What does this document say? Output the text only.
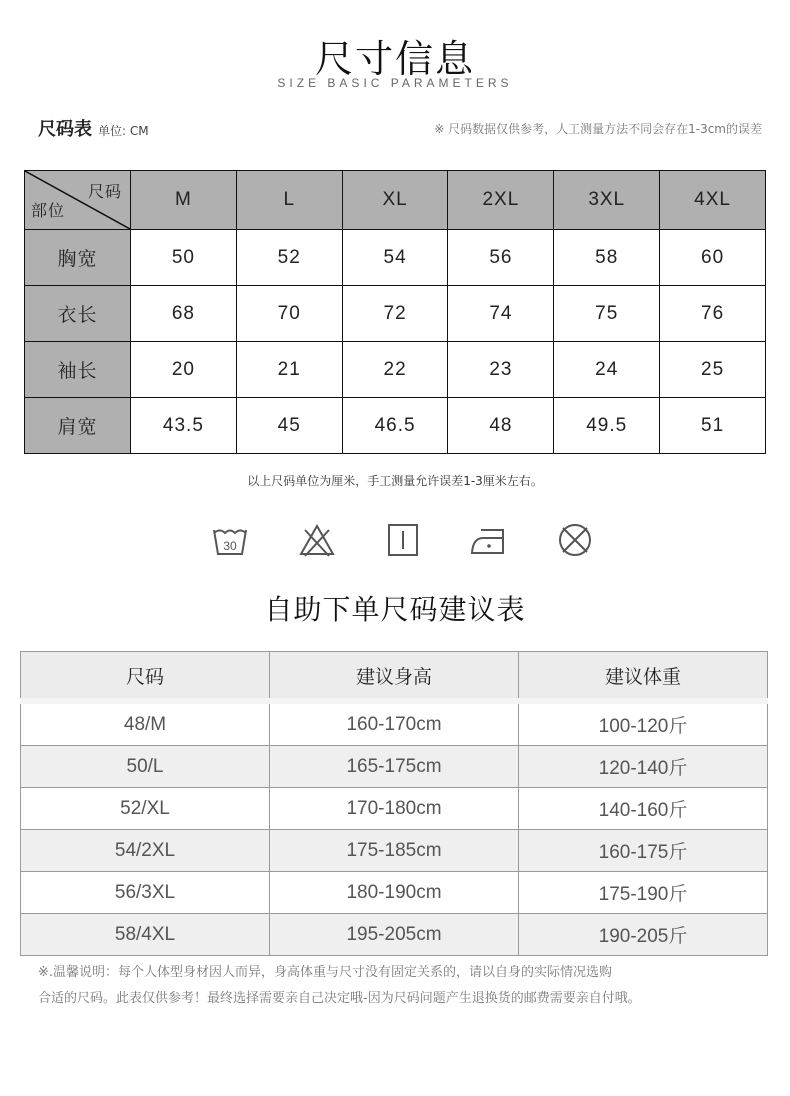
尺寸信息
SIZE BASIC PARAMETERS
尺码表 单位: CM	※ 尺码数据仅供参考，人工测量方法不同会存在1-3cm的误差
尺码
部位	M	L	XL	2XL	3XL	4XL
胸宽	50	52	54	56	58	60
衣长	68	70	72	74	75	76
袖长	20	21	22	23	24	25
肩宽	43.5	45	46.5	48	49.5	51
以上尺码单位为厘米，手工测量允许误差1-3厘米左右。
30
自助下单尺码建议表
尺码	建议身高	建议体重
48/M	160-170cm	100-120斤
50/L	165-175cm	120-140斤
52/XL	170-180cm	140-160斤
54/2XL	175-185cm	160-175斤
56/3XL	180-190cm	175-190斤
58/4XL	195-205cm	190-205斤
※.温馨说明：每个人体型身材因人而异，身高体重与尺寸没有固定关系的，请以自身的实际情况选购
合适的尺码。此表仅供参考！最终选择需要亲自己决定哦-因为尺码问题产生退换货的邮费需要亲自付哦。
